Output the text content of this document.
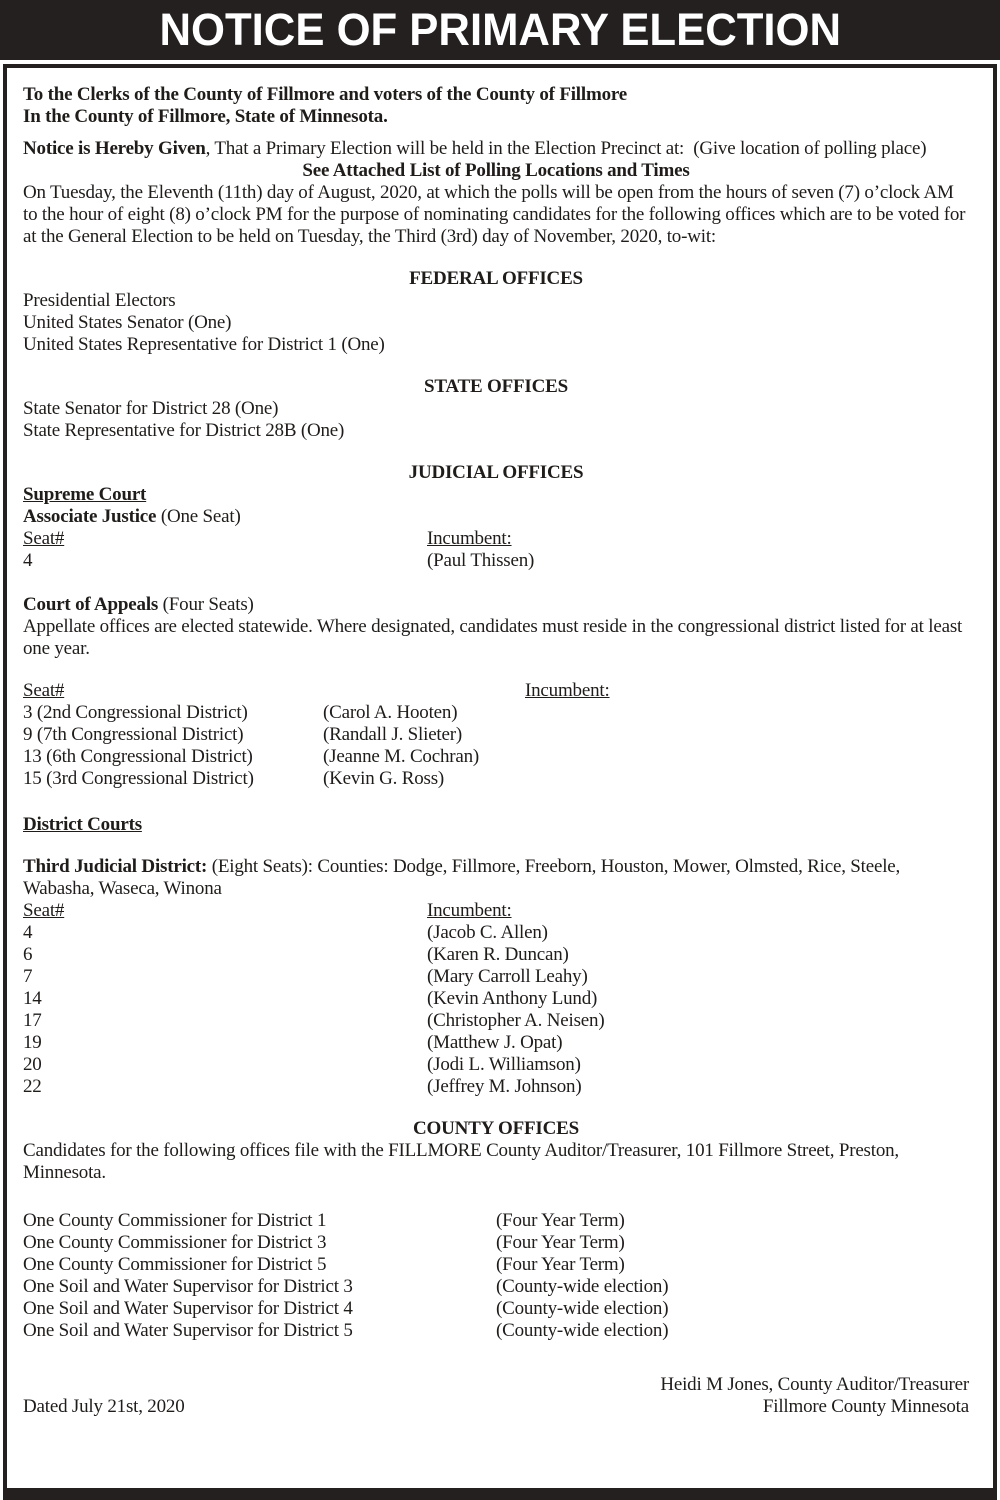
NOTICE OF PRIMARY ELECTION
To the Clerks of the County of Fillmore and voters of the County of Fillmore
In the County of Fillmore, State of Minnesota.

Notice is Hereby Given, That a Primary Election will be held in the Election Precinct at:  (Give location of polling place)

See Attached List of Polling Locations and Times

On Tuesday, the Eleventh (11th) day of August, 2020, at which the polls will be open from the hours of seven (7) o’clock AM to the hour of eight (8) o’clock PM for the purpose of nominating candidates for the following offices which are to be voted for at the General Election to be held on Tuesday, the Third (3rd) day of November, 2020, to-wit:

FEDERAL OFFICES

Presidential Electors
United States Senator (One)
United States Representative for District 1 (One)

STATE OFFICES

State Senator for District 28 (One)
State Representative for District 28B (One)

JUDICIAL OFFICES

Supreme Court
Associate Justice (One Seat)
Seat#	Incumbent:
4	(Paul Thissen)
Court of Appeals (Four Seats)

Appellate offices are elected statewide. Where designated, candidates must reside in the congressional district listed for at least one year.

Seat#	Incumbent:
3 (2nd Congressional District)	(Carol A. Hooten)
9 (7th Congressional District)	(Randall J. Slieter)
13 (6th Congressional District)	(Jeanne M. Cochran)
15 (3rd Congressional District)	(Kevin G. Ross)
District Courts

Third Judicial District: (Eight Seats): Counties: Dodge, Fillmore, Freeborn, Houston, Mower, Olmsted, Rice, Steele, Wabasha, Waseca, Winona

Seat#	Incumbent:
4	(Jacob C. Allen)
6	(Karen R. Duncan)
7	(Mary Carroll Leahy)
14	(Kevin Anthony Lund)
17	(Christopher A. Neisen)
19	(Matthew J. Opat)
20	(Jodi L. Williamson)
22	(Jeffrey M. Johnson)

COUNTY OFFICES

Candidates for the following offices file with the FILLMORE County Auditor/Treasurer, 101 Fillmore Street, Preston, Minnesota.

One County Commissioner for District 1	(Four Year Term)
One County Commissioner for District 3	(Four Year Term)
One County Commissioner for District 5	(Four Year Term)
One Soil and Water Supervisor for District 3	(County-wide election)
One Soil and Water Supervisor for District 4	(County-wide election)
One Soil and Water Supervisor for District 5	(County-wide election)
Heidi M Jones, County Auditor/Treasurer
Dated July 21st, 2020	Fillmore County Minnesota
